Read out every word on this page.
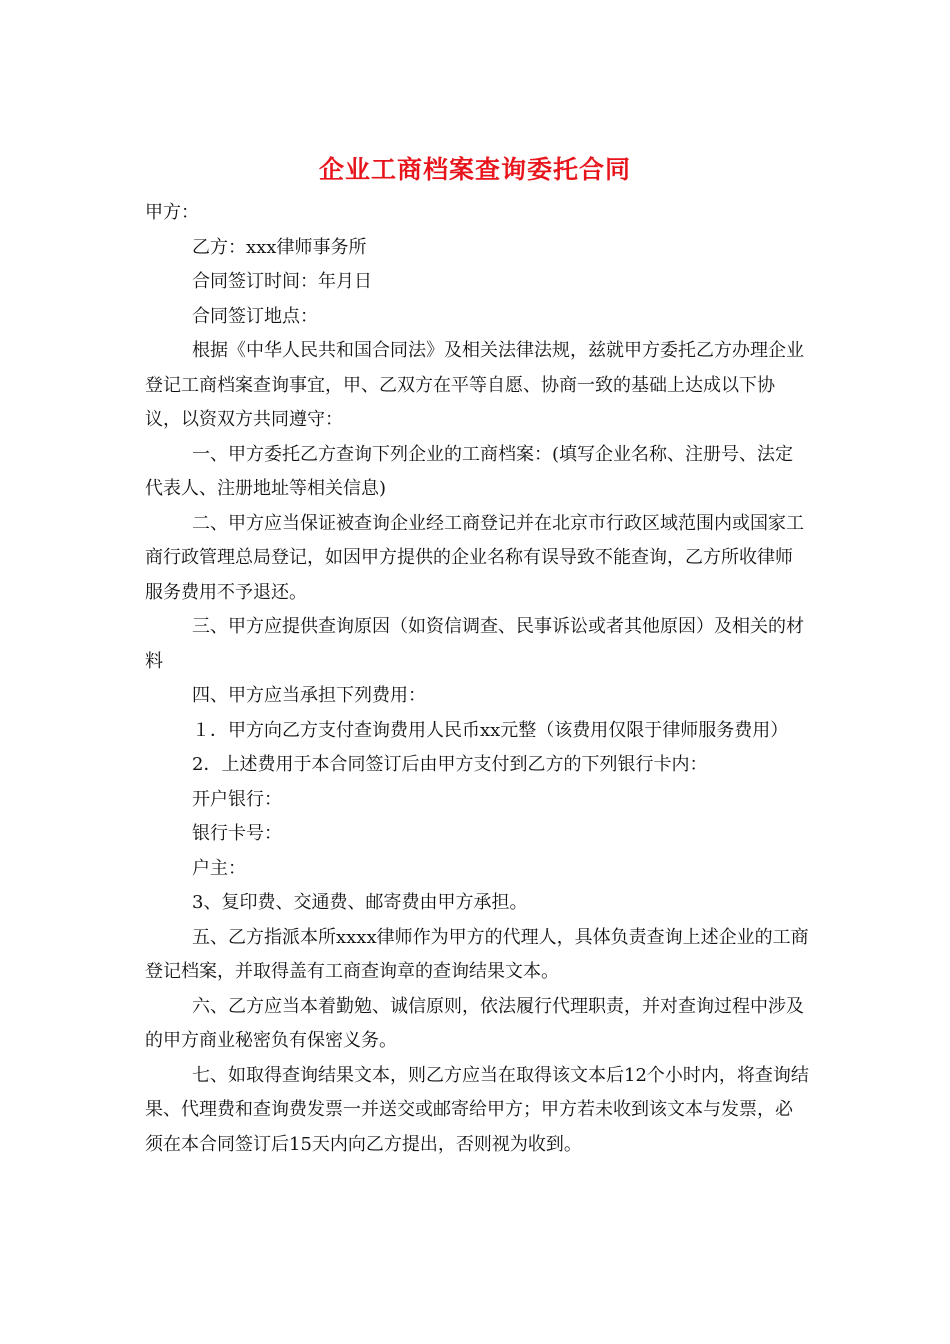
企业工商档案查询委托合同

甲方：

乙方：xxx律师事务所

合同签订时间：年月日

合同签订地点：

根据《中华人民共和国合同法》及相关法律法规，兹就甲方委托乙方办理企业登记工商档案查询事宜，甲、乙双方在平等自愿、协商一致的基础上达成以下协议，以资双方共同遵守：

一、甲方委托乙方查询下列企业的工商档案：(填写企业名称、注册号、法定代表人、注册地址等相关信息)

二、甲方应当保证被查询企业经工商登记并在北京市行政区域范围内或国家工商行政管理总局登记，如因甲方提供的企业名称有误导致不能查询，乙方所收律师服务费用不予退还。

三、甲方应提供查询原因（如资信调查、民事诉讼或者其他原因）及相关的材料

四、甲方应当承担下列费用：

１．甲方向乙方支付查询费用人民币xx元整（该费用仅限于律师服务费用）

2．上述费用于本合同签订后由甲方支付到乙方的下列银行卡内：

开户银行：

银行卡号：

户主：

3、复印费、交通费、邮寄费由甲方承担。

五、乙方指派本所xxxx律师作为甲方的代理人，具体负责查询上述企业的工商登记档案，并取得盖有工商查询章的查询结果文本。

六、乙方应当本着勤勉、诚信原则，依法履行代理职责，并对查询过程中涉及的甲方商业秘密负有保密义务。

七、如取得查询结果文本，则乙方应当在取得该文本后12个小时内，将查询结果、代理费和查询费发票一并送交或邮寄给甲方；甲方若未收到该文本与发票，必须在本合同签订后15天内向乙方提出，否则视为收到。
